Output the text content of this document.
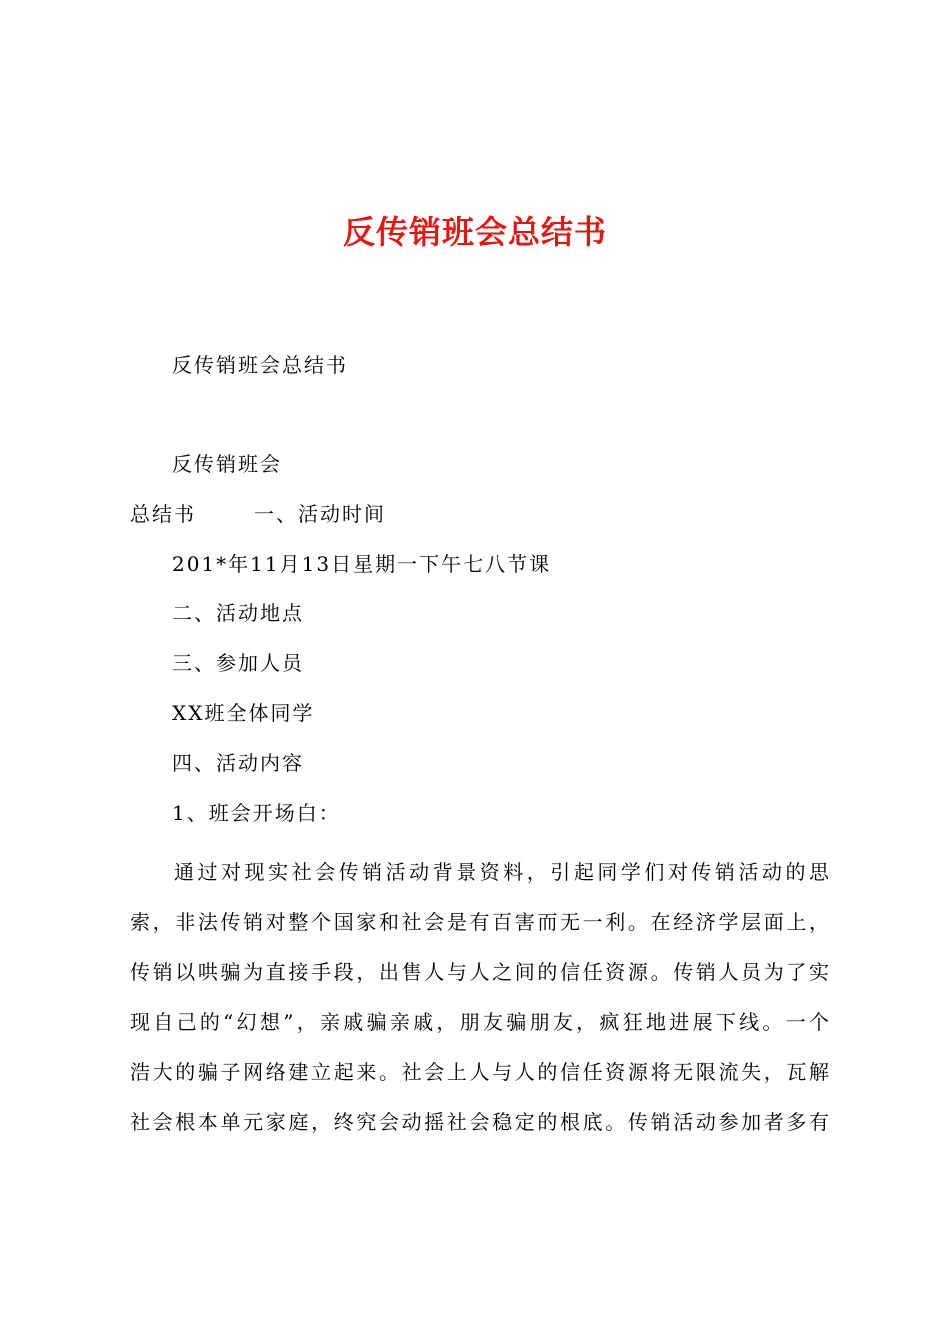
反传销班会总结书
反传销班会总结书
反传销班会
总结书	一、活动时间
201*年11月13日星期一下午七八节课
二、活动地点
三、参加人员
XX班全体同学
四、活动内容
1、班会开场白：
通过对现实社会传销活动背景资料，引起同学们对传销活动的思
索，非法传销对整个国家和社会是有百害而无一利。在经济学层面上，
传销以哄骗为直接手段，出售人与人之间的信任资源。传销人员为了实
现自己的“幻想”，亲戚骗亲戚，朋友骗朋友，疯狂地进展下线。一个
浩大的骗子网络建立起来。社会上人与人的信任资源将无限流失，瓦解
社会根本单元家庭，终究会动摇社会稳定的根底。传销活动参加者多有
